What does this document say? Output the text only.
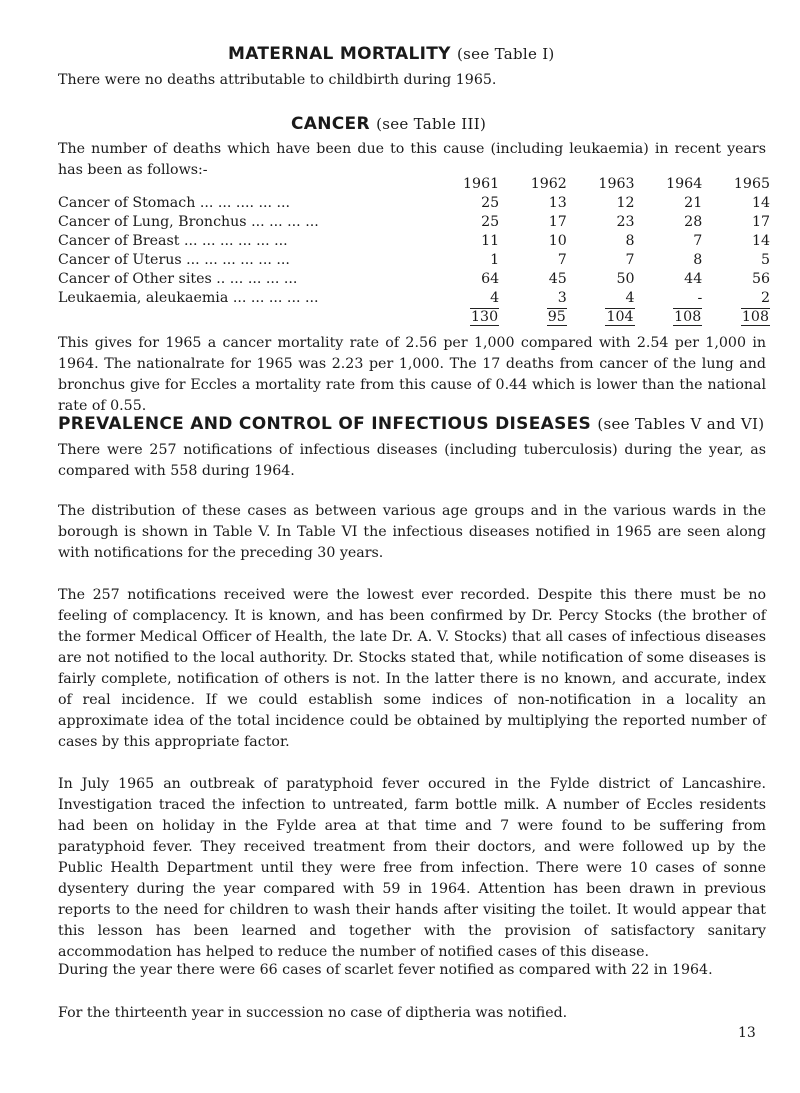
MATERNAL MORTALITY (see Table I)

There were no deaths attributable to childbirth during 1965.

CANCER (see Table III)

The number of deaths which have been due to this cause (including leukaemia) in recent years has been as follows:-

	1961	1962	1963	1964	1965
Cancer of Stomach ... ... .... ... ...	25	13	12	21	14
Cancer of Lung, Bronchus ... ... ... ...	25	17	23	28	17
Cancer of Breast ... ... ... ... ... ...	11	10	8	7	14
Cancer of Uterus ... ... ... ... ... ...	1	7	7	8	5
Cancer of Other sites .. ... ... ... ...	64	45	50	44	56
Leukaemia, aleukaemia ... ... ... ... ...	4	3	4	-	2
	130	95	104	108	108

This gives for 1965 a cancer mortality rate of 2.56 per 1,000 compared with 2.54 per 1,000 in 1964. The nationalrate for 1965 was 2.23 per 1,000. The 17 deaths from cancer of the lung and bronchus give for Eccles a mortality rate from this cause of 0.44 which is lower than the national rate of 0.55.

PREVALENCE AND CONTROL OF INFECTIOUS DISEASES (see Tables V and VI)

There were 257 notifications of infectious diseases (including tuberculosis) during the year, as compared with 558 during 1964.

The distribution of these cases as between various age groups and in the various wards in the borough is shown in Table V. In Table VI the infectious diseases notified in 1965 are seen along with notifications for the preceding 30 years.

The 257 notifications received were the lowest ever recorded. Despite this there must be no feeling of complacency. It is known, and has been confirmed by Dr. Percy Stocks (the brother of the former Medical Officer of Health, the late Dr. A. V. Stocks) that all cases of infectious diseases are not notified to the local authority. Dr. Stocks stated that, while notification of some diseases is fairly complete, notification of others is not. In the latter there is no known, and accurate, index of real incidence. If we could establish some indices of non-notification in a locality an approximate idea of the total incidence could be obtained by multiplying the reported number of cases by this appropriate factor.

In July 1965 an outbreak of paratyphoid fever occured in the Fylde district of Lancashire. Investigation traced the infection to untreated, farm bottle milk. A number of Eccles residents had been on holiday in the Fylde area at that time and 7 were found to be suffering from paratyphoid fever. They received treatment from their doctors, and were followed up by the Public Health Department until they were free from infection. There were 10 cases of sonne dysentery during the year compared with 59 in 1964. Attention has been drawn in previous reports to the need for children to wash their hands after visiting the toilet. It would appear that this lesson has been learned and together with the provision of satisfactory sanitary accommodation has helped to reduce the number of notified cases of this disease.

During the year there were 66 cases of scarlet fever notified as compared with 22 in 1964.

For the thirteenth year in succession no case of diptheria was notified.

13
